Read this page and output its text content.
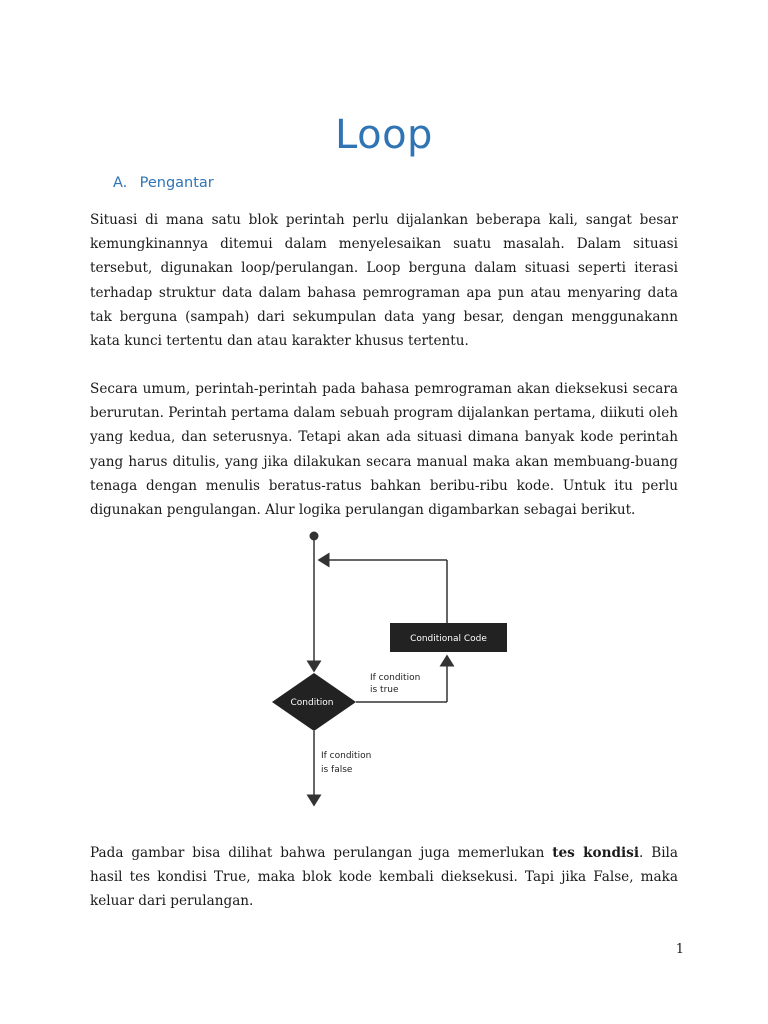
Loop
A. Pengantar

Situasi di mana satu blok perintah perlu dijalankan beberapa kali, sangat besar kemungkinannya ditemui dalam menyelesaikan suatu masalah. Dalam situasi tersebut, digunakan loop/perulangan. Loop berguna dalam situasi seperti iterasi terhadap struktur data dalam bahasa pemrograman apa pun atau menyaring data tak berguna (sampah) dari sekumpulan data yang besar, dengan menggunakann kata kunci tertentu dan atau karakter khusus tertentu.

Secara umum, perintah-perintah pada bahasa pemrograman akan dieksekusi secara berurutan. Perintah pertama dalam sebuah program dijalankan pertama, diikuti oleh yang kedua, dan seterusnya. Tetapi akan ada situasi dimana banyak kode perintah yang harus ditulis, yang jika dilakukan secara manual maka akan membuang-buang tenaga dengan menulis beratus-ratus bahkan beribu-ribu kode. Untuk itu perlu digunakan pengulangan. Alur logika perulangan digambarkan sebagai berikut.

Conditional Code
If condition
is true
Condition
If condition
is false

Pada gambar bisa dilihat bahwa perulangan juga memerlukan tes kondisi. Bila hasil tes kondisi True, maka blok kode kembali dieksekusi. Tapi jika False, maka keluar dari perulangan.

1
